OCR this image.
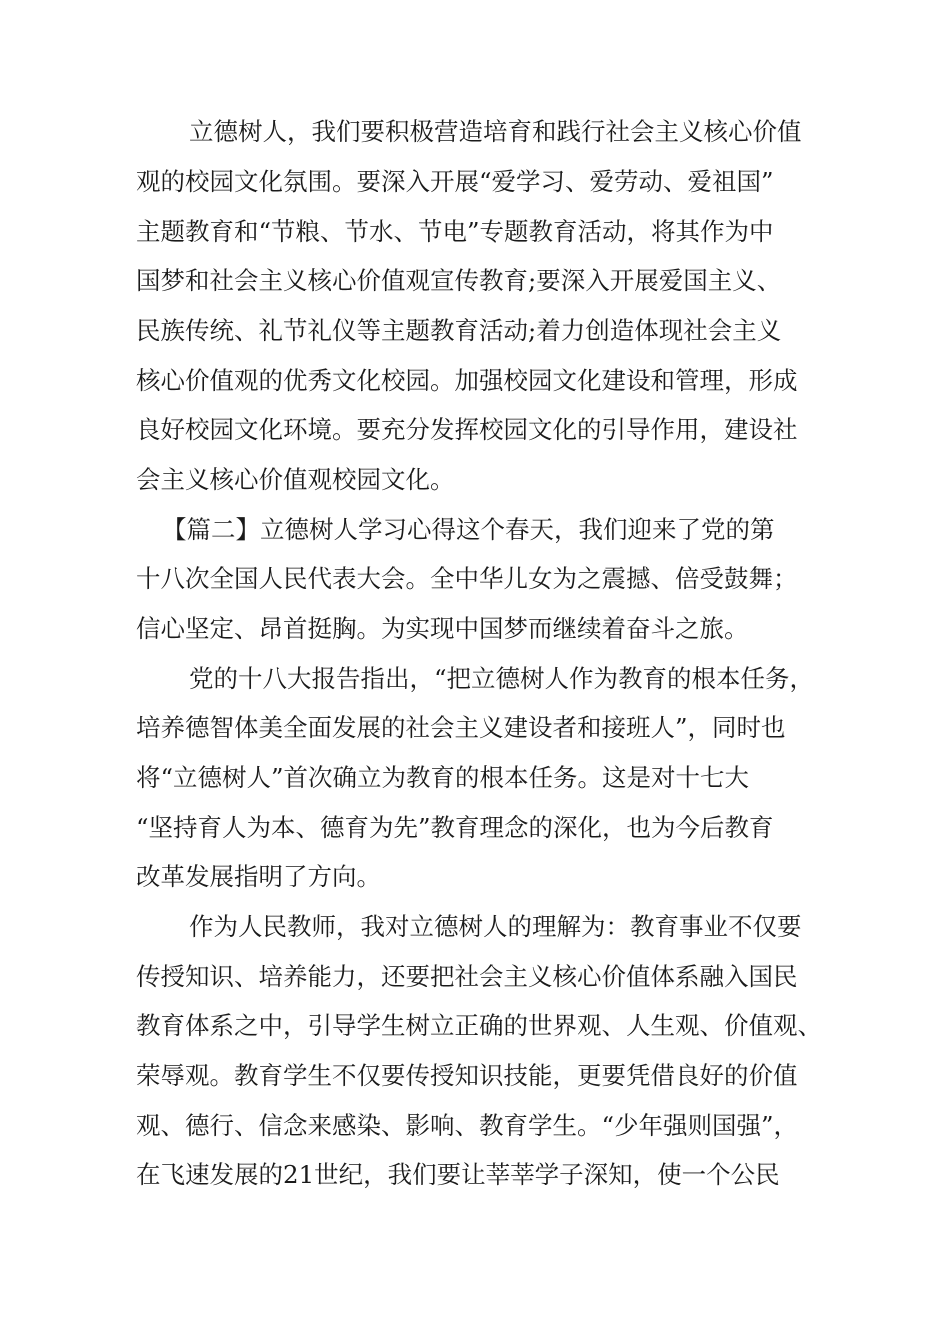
立德树人，我们要积极营造培育和践行社会主义核心价值
观的校园文化氛围。要深入开展“爱学习、爱劳动、爱祖国”
主题教育和“节粮、节水、节电”专题教育活动，将其作为中
国梦和社会主义核心价值观宣传教育;要深入开展爱国主义、
民族传统、礼节礼仪等主题教育活动;着力创造体现社会主义
核心价值观的优秀文化校园。加强校园文化建设和管理，形成
良好校园文化环境。要充分发挥校园文化的引导作用，建设社
会主义核心价值观校园文化。
【篇二】立德树人学习心得这个春天，我们迎来了党的第
十八次全国人民代表大会。全中华儿女为之震撼、倍受鼓舞；
信心坚定、昂首挺胸。为实现中国梦而继续着奋斗之旅。
党的十八大报告指出，“把立德树人作为教育的根本任务，
培养德智体美全面发展的社会主义建设者和接班人”，同时也
将“立德树人”首次确立为教育的根本任务。这是对十七大
“坚持育人为本、德育为先”教育理念的深化，也为今后教育
改革发展指明了方向。
作为人民教师，我对立德树人的理解为：教育事业不仅要
传授知识、培养能力，还要把社会主义核心价值体系融入国民
教育体系之中，引导学生树立正确的世界观、人生观、价值观、
荣辱观。教育学生不仅要传授知识技能，更要凭借良好的价值
观、德行、信念来感染、影响、教育学生。“少年强则国强”，
在飞速发展的21世纪，我们要让莘莘学子深知，使一个公民
